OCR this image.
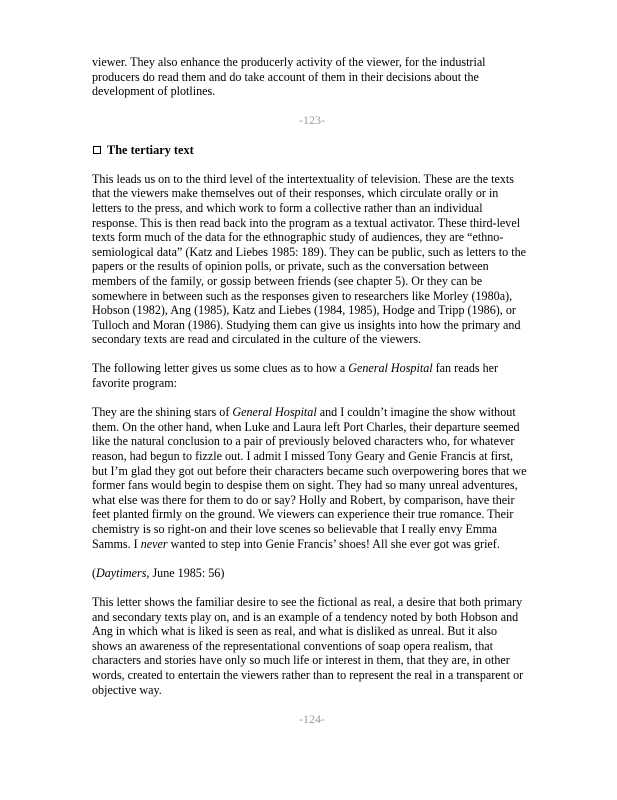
viewer. They also enhance the producerly activity of the viewer, for the industrial

producers do read them and do take account of them in their decisions about the

development of plotlines.

-123-

The tertiary text

This leads us on to the third level of the intertextuality of television. These are the texts

that the viewers make themselves out of their responses, which circulate orally or in

letters to the press, and which work to form a collective rather than an individual

response. This is then read back into the program as a textual activator. These third-level

texts form much of the data for the ethnographic study of audiences, they are “ethno-

semiological data” (Katz and Liebes 1985: 189). They can be public, such as letters to the

papers or the results of opinion polls, or private, such as the conversation between

members of the family, or gossip between friends (see chapter 5). Or they can be

somewhere in between such as the responses given to researchers like Morley (1980a),

Hobson (1982), Ang (1985), Katz and Liebes (1984, 1985), Hodge and Tripp (1986), or

Tulloch and Moran (1986). Studying them can give us insights into how the primary and

secondary texts are read and circulated in the culture of the viewers.

The following letter gives us some clues as to how a General Hospital fan reads her

favorite program:

They are the shining stars of General Hospital and I couldn’t imagine the show without

them. On the other hand, when Luke and Laura left Port Charles, their departure seemed

like the natural conclusion to a pair of previously beloved characters who, for whatever

reason, had begun to fizzle out. I admit I missed Tony Geary and Genie Francis at first,

but I’m glad they got out before their characters became such overpowering bores that we

former fans would begin to despise them on sight. They had so many unreal adventures,

what else was there for them to do or say? Holly and Robert, by comparison, have their

feet planted firmly on the ground. We viewers can experience their true romance. Their

chemistry is so right-on and their love scenes so believable that I really envy Emma

Samms. I never wanted to step into Genie Francis’ shoes! All she ever got was grief.

(Daytimers, June 1985: 56)

This letter shows the familiar desire to see the fictional as real, a desire that both primary

and secondary texts play on, and is an example of a tendency noted by both Hobson and

Ang in which what is liked is seen as real, and what is disliked as unreal. But it also

shows an awareness of the representational conventions of soap opera realism, that

characters and stories have only so much life or interest in them, that they are, in other

words, created to entertain the viewers rather than to represent the real in a transparent or

objective way.

-124-
